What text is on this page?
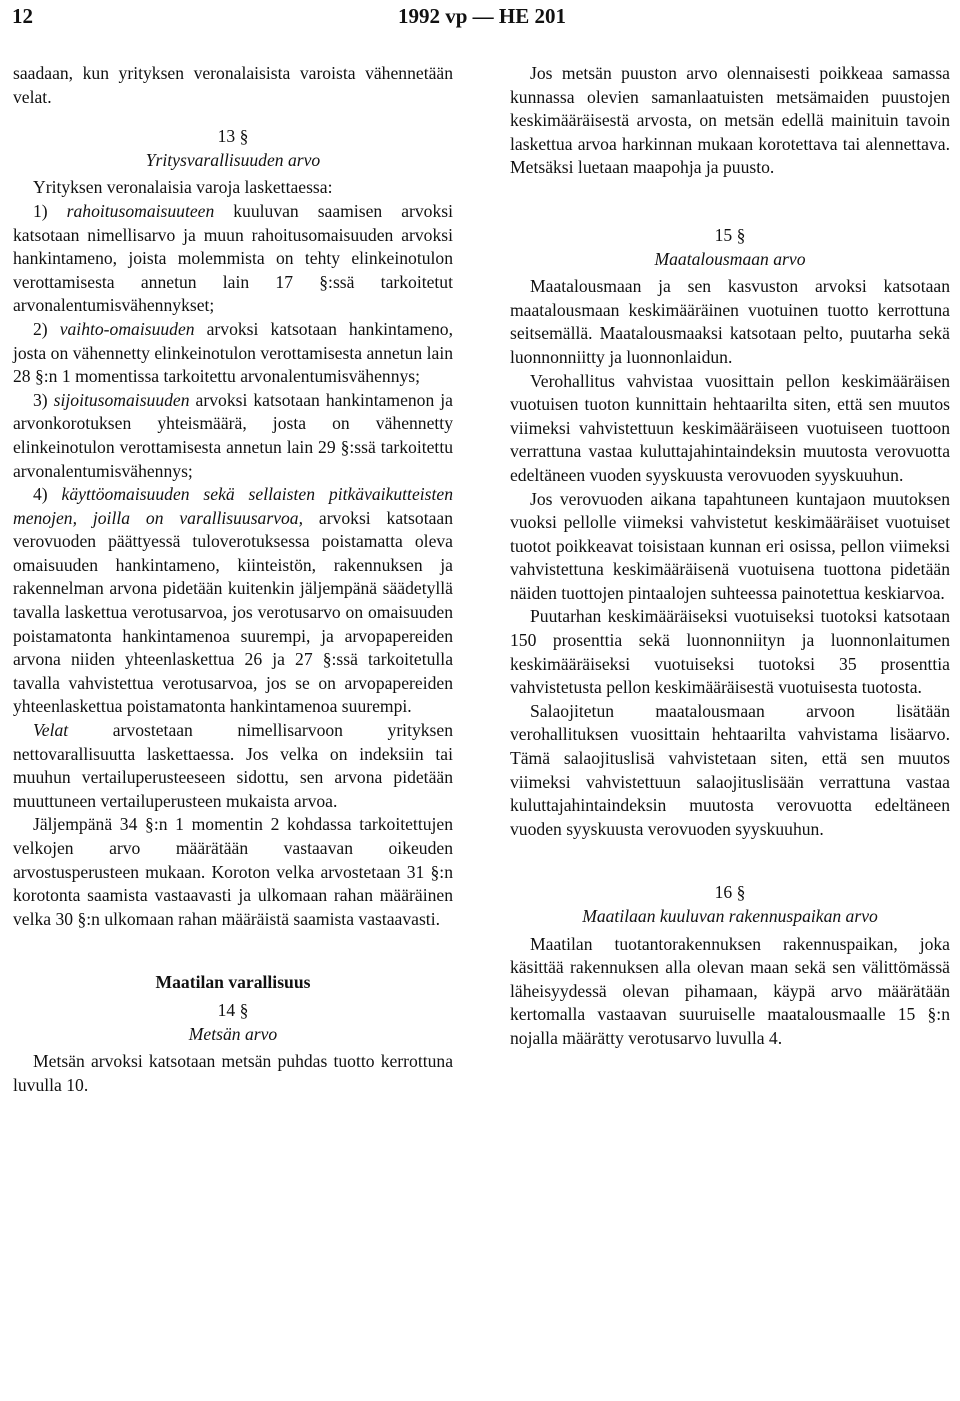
12	1992 vp — HE 201

saadaan, kun yrityksen veronalaisista varoista vähennetään velat.

13 §

Yritysvarallisuuden arvo

Yrityksen veronalaisia varoja laskettaessa:

1) rahoitusomaisuuteen kuuluvan saamisen arvoksi katsotaan nimellisarvo ja muun rahoitusomaisuuden arvoksi hankintameno, joista molemmista on tehty elinkeinotulon verottamisesta annetun lain 17 §:ssä tarkoitetut arvonalentumisvähennykset;

2) vaihto-omaisuuden arvoksi katsotaan hankintameno, josta on vähennetty elinkeinotulon verottamisesta annetun lain 28 §:n 1 momentissa tarkoitettu arvonalentumisvähennys;

3) sijoitusomaisuuden arvoksi katsotaan hankintamenon ja arvonkorotuksen yhteismäärä, josta on vähennetty elinkeinotulon verottamisesta annetun lain 29 §:ssä tarkoitettu arvonalentumisvähennys;

4) käyttöomaisuuden sekä sellaisten pitkävaikutteisten menojen, joilla on varallisuusarvoa, arvoksi katsotaan verovuoden päättyessä tuloverotuksessa poistamatta oleva omaisuuden hankintameno, kiinteistön, rakennuksen ja rakennelman arvona pidetään kuitenkin jäljempänä säädetyllä tavalla laskettua verotusarvoa, jos verotusarvo on omaisuuden poistamatonta hankintamenoa suurempi, ja arvopapereiden arvona niiden yhteenlaskettua 26 ja 27 §:ssä tarkoitetulla tavalla vahvistettua verotusarvoa, jos se on arvopapereiden yhteenlaskettua poistamatonta hankintamenoa suurempi.

Velat arvostetaan nimellisarvoon yrityksen nettovarallisuutta laskettaessa. Jos velka on indeksiin tai muuhun vertailuperusteeseen sidottu, sen arvona pidetään muuttuneen vertailuperusteen mukaista arvoa.

Jäljempänä 34 §:n 1 momentin 2 kohdassa tarkoitettujen velkojen arvo määrätään vastaavan oikeuden arvostusperusteen mukaan. Koroton velka arvostetaan 31 §:n korotonta saamista vastaavasti ja ulkomaan rahan määräinen velka 30 §:n ulkomaan rahan määräistä saamista vastaavasti.

Maatilan varallisuus

14 §

Metsän arvo

Metsän arvoksi katsotaan metsän puhdas tuotto kerrottuna luvulla 10.

Jos metsän puuston arvo olennaisesti poikkeaa samassa kunnassa olevien samanlaatuisten metsämaiden puustojen keskimääräisestä arvosta, on metsän edellä mainituin tavoin laskettua arvoa harkinnan mukaan korotettava tai alennettava. Metsäksi luetaan maapohja ja puusto.

15 §

Maatalousmaan arvo

Maatalousmaan ja sen kasvuston arvoksi katsotaan maatalousmaan keskimääräinen vuotuinen tuotto kerrottuna seitsemällä. Maatalousmaaksi katsotaan pelto, puutarha sekä luonnonniitty ja luonnonlaidun.

Verohallitus vahvistaa vuosittain pellon keskimääräisen vuotuisen tuoton kunnittain hehtaarilta siten, että sen muutos viimeksi vahvistettuun keskimääräiseen vuotuiseen tuottoon verrattuna vastaa kuluttajahintaindeksin muutosta verovuotta edeltäneen vuoden syyskuusta verovuoden syyskuuhun.

Jos verovuoden aikana tapahtuneen kuntajaon muutoksen vuoksi pellolle viimeksi vahvistetut keskimääräiset vuotuiset tuotot poikkeavat toisistaan kunnan eri osissa, pellon viimeksi vahvistettuna keskimääräisenä vuotuisena tuottona pidetään näiden tuottojen pintaalojen suhteessa painotettua keskiarvoa.

Puutarhan keskimääräiseksi vuotuiseksi tuotoksi katsotaan 150 prosenttia sekä luonnonniityn ja luonnonlaitumen keskimääräiseksi vuotuiseksi tuotoksi 35 prosenttia vahvistetusta pellon keskimääräisestä vuotuisesta tuotosta.

Salaojitetun maatalousmaan arvoon lisätään verohallituksen vuosittain hehtaarilta vahvistama lisäarvo. Tämä salaojituslisä vahvistetaan siten, että sen muutos viimeksi vahvistettuun salaojituslisään verrattuna vastaa kuluttajahintaindeksin muutosta verovuotta edeltäneen vuoden syyskuusta verovuoden syyskuuhun.

16 §

Maatilaan kuuluvan rakennuspaikan arvo

Maatilan tuotantorakennuksen rakennuspaikan, joka käsittää rakennuksen alla olevan maan sekä sen välittömässä läheisyydessä olevan pihamaan, käypä arvo määrätään kertomalla vastaavan suuruiselle maatalousmaalle 15 §:n nojalla määrätty verotusarvo luvulla 4.
